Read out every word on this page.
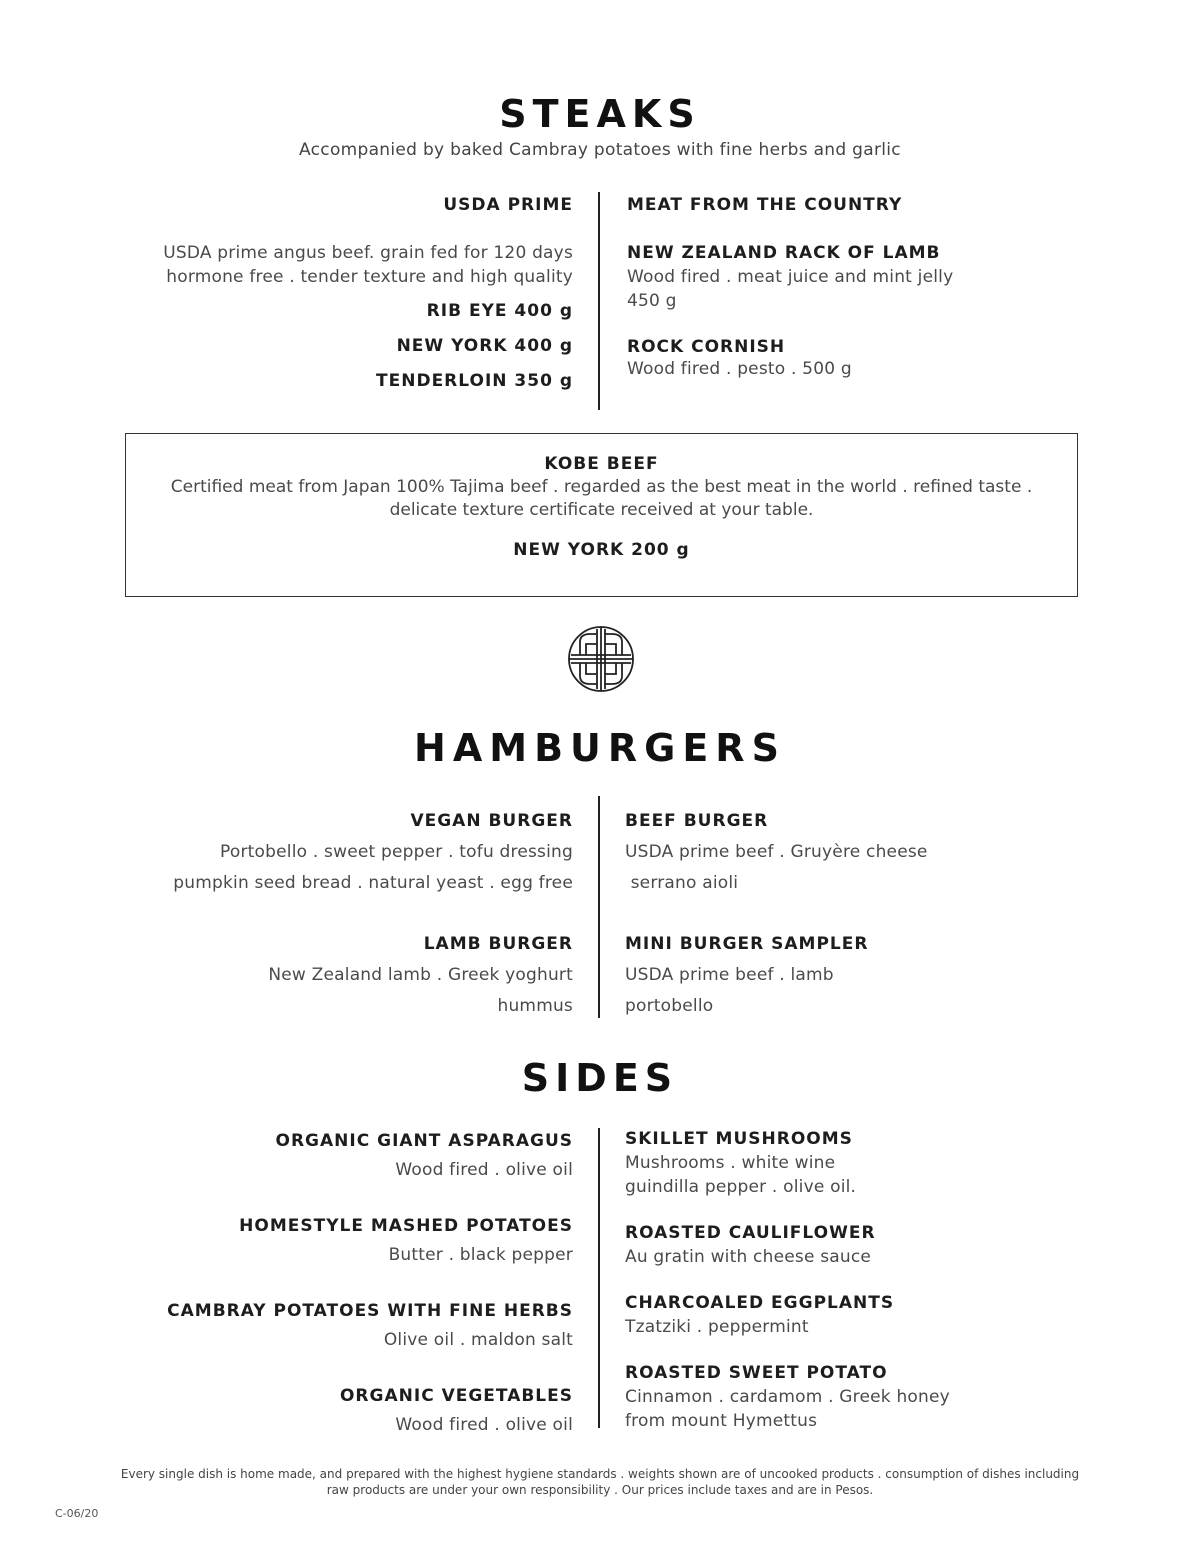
STEAKS
Accompanied by baked Cambray potatoes with fine herbs and garlic
USDA PRIME
USDA prime angus beef. grain fed for 120 days
hormone free . tender texture and high quality
RIB EYE 400 g
NEW YORK 400 g
TENDERLOIN 350 g
MEAT FROM THE COUNTRY
NEW ZEALAND RACK OF LAMB
Wood fired . meat juice and mint jelly
450 g
ROCK CORNISH
Wood fired . pesto . 500 g
KOBE BEEF
Certified meat from Japan 100% Tajima beef . regarded as the best meat in the world . refined taste .
delicate texture certificate received at your table.
NEW YORK 200 g
HAMBURGERS
VEGAN BURGER
Portobello . sweet pepper . tofu dressing
pumpkin seed bread . natural yeast . egg free
LAMB BURGER
New Zealand lamb . Greek yoghurt
hummus
BEEF BURGER
USDA prime beef . Gruyère cheese
serrano aioli
MINI BURGER SAMPLER
USDA prime beef . lamb
portobello
SIDES
ORGANIC GIANT ASPARAGUS
Wood fired . olive oil
HOMESTYLE MASHED POTATOES
Butter . black pepper
CAMBRAY POTATOES WITH FINE HERBS
Olive oil . maldon salt
ORGANIC VEGETABLES
Wood fired . olive oil
SKILLET MUSHROOMS
Mushrooms . white wine
guindilla pepper . olive oil.
ROASTED CAULIFLOWER
Au gratin with cheese sauce
CHARCOALED EGGPLANTS
Tzatziki . peppermint
ROASTED SWEET POTATO
Cinnamon . cardamom . Greek honey
from mount Hymettus
Every single dish is home made, and prepared with the highest hygiene standards . weights shown are of uncooked products . consumption of dishes including
raw products are under your own responsibility . Our prices include taxes and are in Pesos.
C-06/20
